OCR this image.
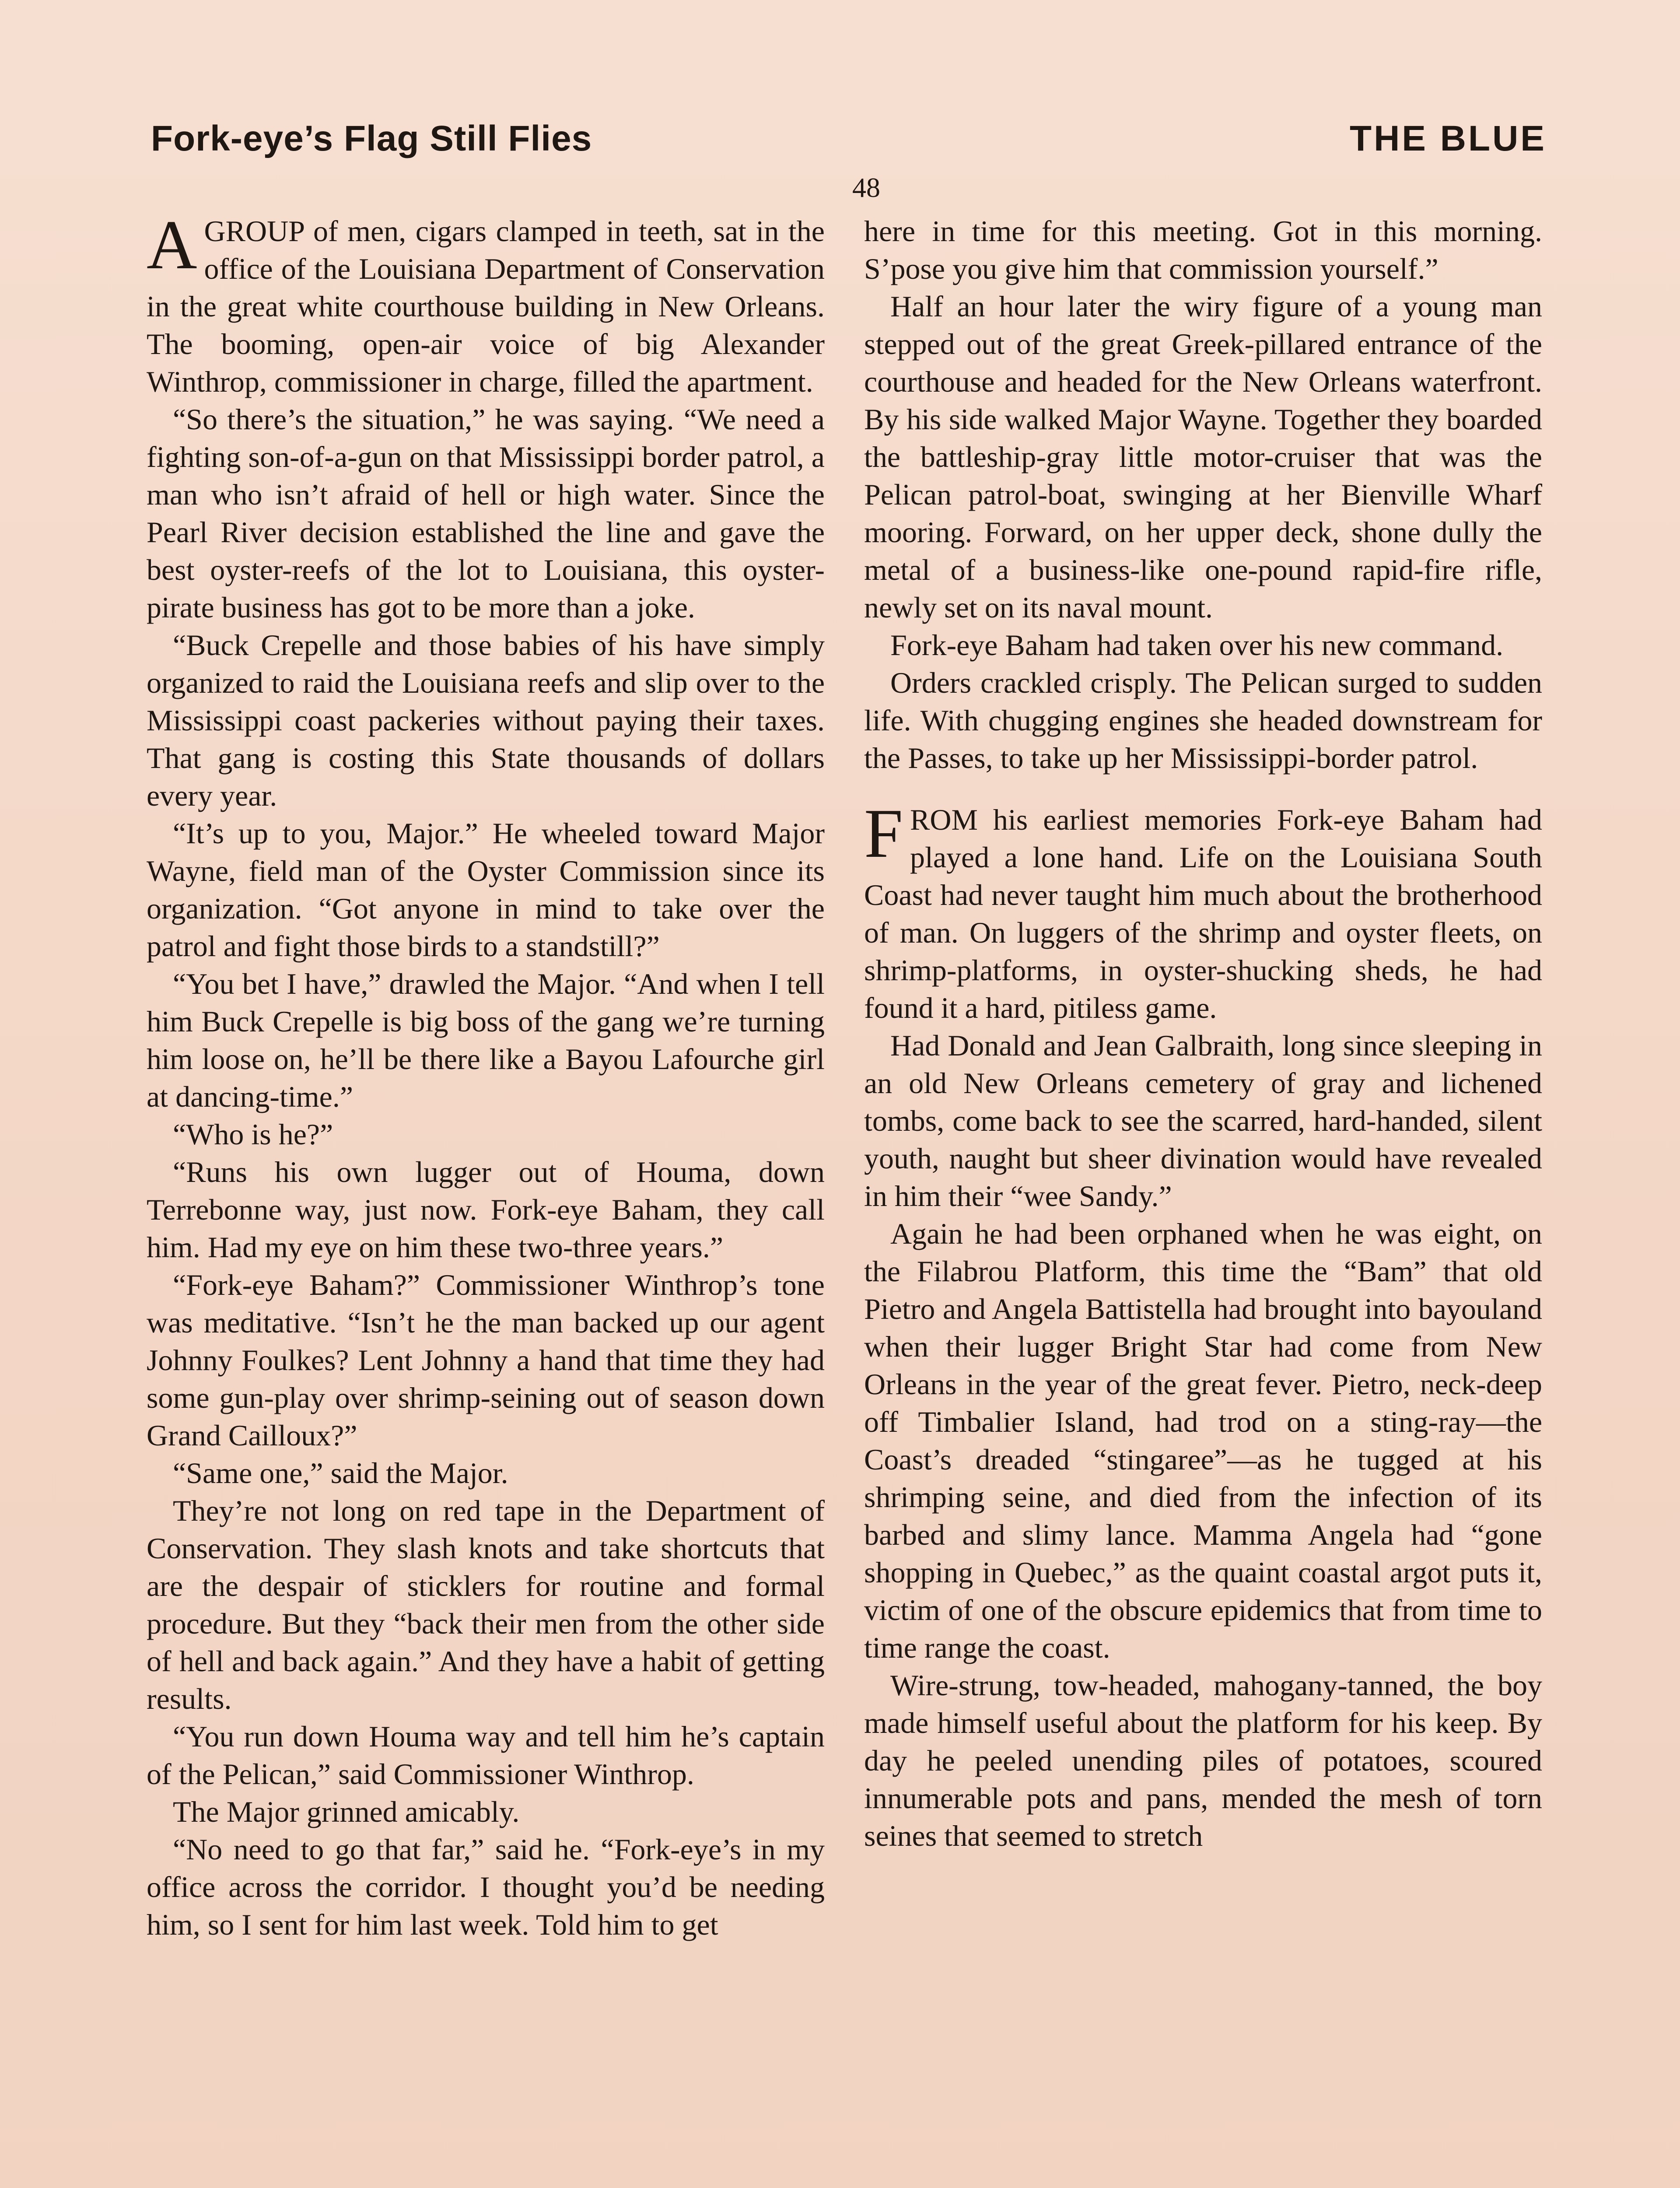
Fork-eye’s Flag Still Flies	THE BLUE
48

AGROUP of men, cigars clamped in teeth, sat in the office of the Louisiana Department of Conservation in the great white courthouse building in New Orleans. The booming, open-air voice of big Alexander Winthrop, commissioner in charge, filled the apartment.

“So there’s the situation,” he was saying. “We need a fighting son-of-a-gun on that Mississippi border patrol, a man who isn’t afraid of hell or high water. Since the Pearl River decision established the line and gave the best oyster-reefs of the lot to Louisiana, this oyster-pirate business has got to be more than a joke.

“Buck Crepelle and those babies of his have simply organized to raid the Louisiana reefs and slip over to the Mississippi coast packeries without paying their taxes. That gang is costing this State thousands of dollars every year.

“It’s up to you, Major.” He wheeled toward Major Wayne, field man of the Oyster Commission since its organization. “Got anyone in mind to take over the patrol and fight those birds to a standstill?”

“You bet I have,” drawled the Major. “And when I tell him Buck Crepelle is big boss of the gang we’re turning him loose on, he’ll be there like a Bayou Lafourche girl at dancing-time.”

“Who is he?”

“Runs his own lugger out of Houma, down Terrebonne way, just now. Fork-eye Baham, they call him. Had my eye on him these two-three years.”

“Fork-eye Baham?” Commissioner Winthrop’s tone was meditative. “Isn’t he the man backed up our agent Johnny Foulkes? Lent Johnny a hand that time they had some gun-play over shrimp-seining out of season down Grand Cailloux?”

“Same one,” said the Major.

They’re not long on red tape in the Department of Conservation. They slash knots and take shortcuts that are the despair of sticklers for routine and formal procedure. But they “back their men from the other side of hell and back again.” And they have a habit of getting results.

“You run down Houma way and tell him he’s captain of the Pelican,” said Commissioner Winthrop.

The Major grinned amicably.

“No need to go that far,” said he. “Fork-eye’s in my office across the corridor. I thought you’d be needing him, so I sent for him last week. Told him to get

here in time for this meeting. Got in this morning. S’pose you give him that commission yourself.”

Half an hour later the wiry figure of a young man stepped out of the great Greek-pillared entrance of the courthouse and headed for the New Orleans waterfront. By his side walked Major Wayne. Together they boarded the battleship-gray little motor-cruiser that was the Pelican patrol-boat, swinging at her Bienville Wharf mooring. Forward, on her upper deck, shone dully the metal of a business-like one-pound rapid-fire rifle, newly set on its naval mount.

Fork-eye Baham had taken over his new command.

Orders crackled crisply. The Pelican surged to sudden life. With chugging engines she headed downstream for the Passes, to take up her Mississippi-border patrol.

FROM his earliest memories Fork-eye Baham had played a lone hand. Life on the Louisiana South Coast had never taught him much about the brotherhood of man. On luggers of the shrimp and oyster fleets, on shrimp-platforms, in oyster-shucking sheds, he had found it a hard, pitiless game.

Had Donald and Jean Galbraith, long since sleeping in an old New Orleans cemetery of gray and lichened tombs, come back to see the scarred, hard-handed, silent youth, naught but sheer divination would have revealed in him their “wee Sandy.”

Again he had been orphaned when he was eight, on the Filabrou Platform, this time the “Bam” that old Pietro and Angela Battistella had brought into bayouland when their lugger Bright Star had come from New Orleans in the year of the great fever. Pietro, neck-deep off Timbalier Island, had trod on a sting-ray—the Coast’s dreaded “stingaree”—as he tugged at his shrimping seine, and died from the infection of its barbed and slimy lance. Mamma Angela had “gone shopping in Quebec,” as the quaint coastal argot puts it, victim of one of the obscure epidemics that from time to time range the coast.

Wire-strung, tow-headed, mahogany-tanned, the boy made himself useful about the platform for his keep. By day he peeled unending piles of potatoes, scoured innumerable pots and pans, mended the mesh of torn seines that seemed to stretch
